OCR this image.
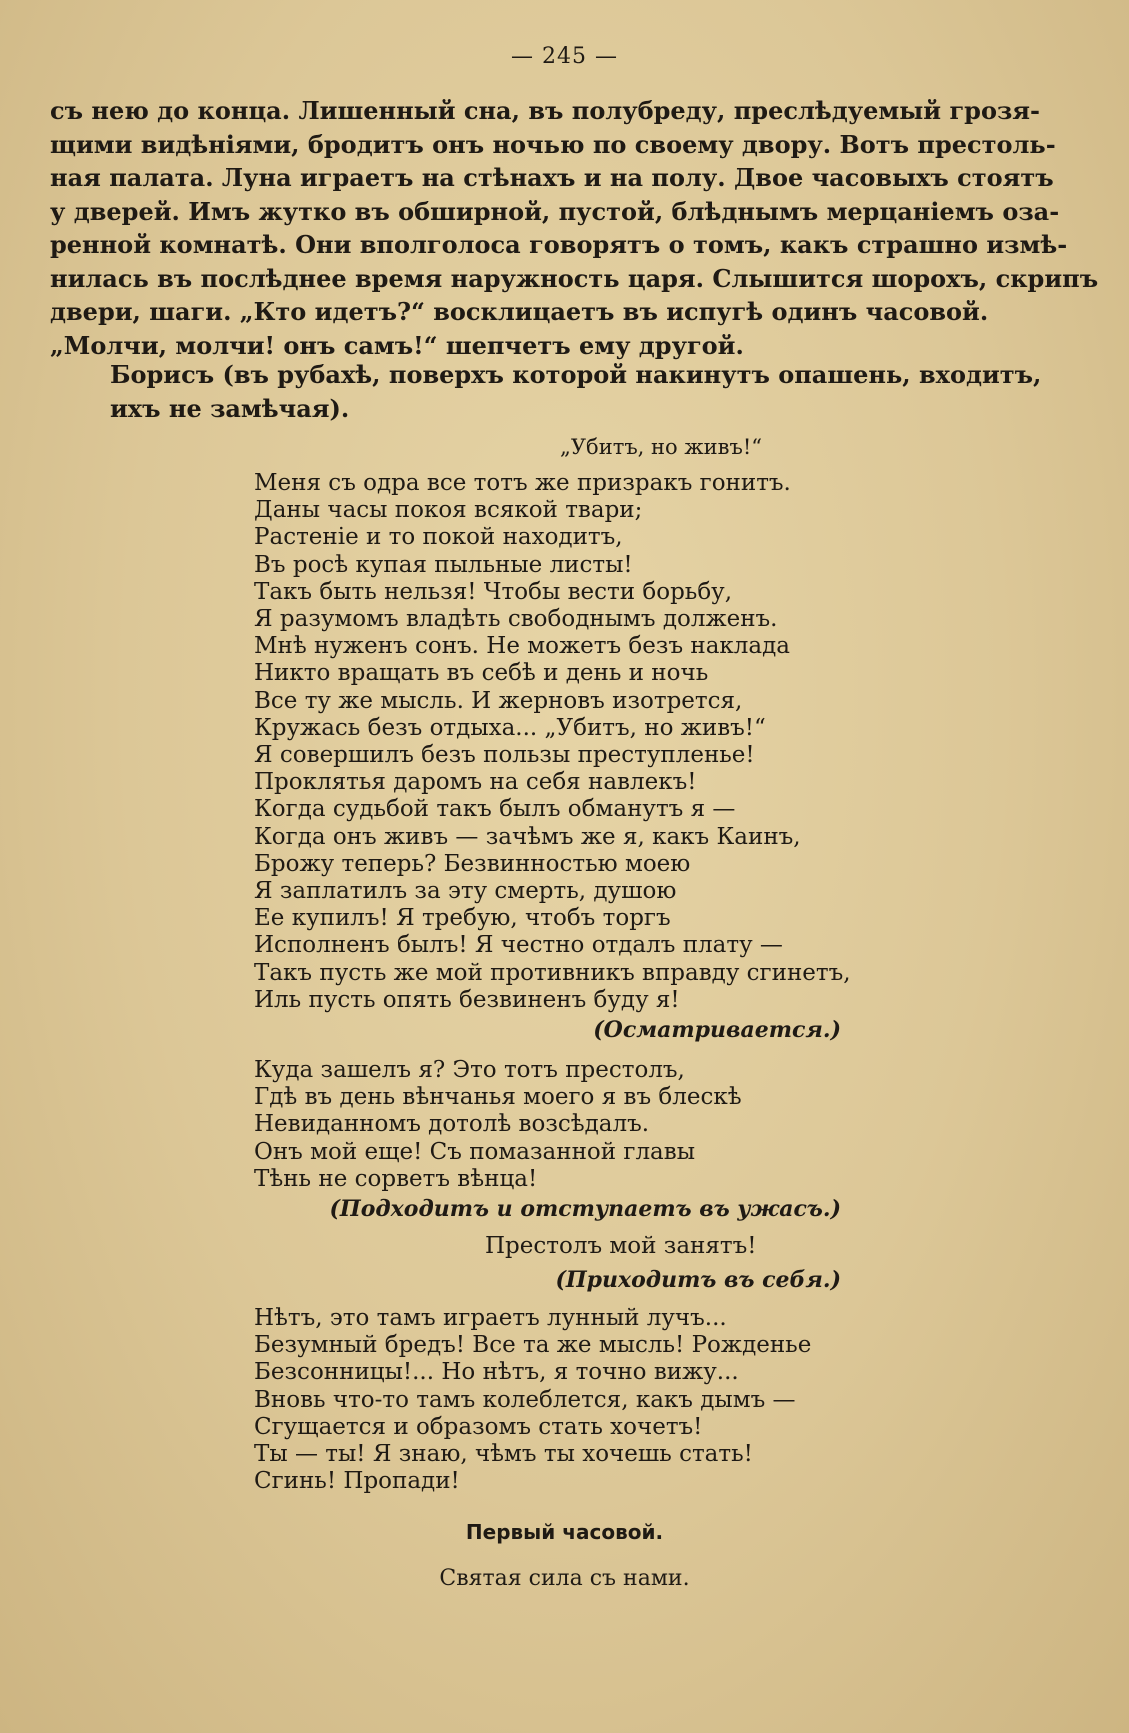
— 245 —
съ нею до конца. Лишенный сна, въ полубреду, преслѣдуемый грозя-
щими видѣніями, бродитъ онъ ночью по своему двору. Вотъ престоль-
ная палата. Луна играетъ на стѣнахъ и на полу. Двое часовыхъ стоятъ
у дверей. Имъ жутко въ обширной, пустой, блѣднымъ мерцаніемъ оза-
ренной комнатѣ. Они вполголоса говорятъ о томъ, какъ страшно измѣ-
нилась въ послѣднее время наружность царя. Слышится шорохъ, скрипъ
двери, шаги. „Кто идетъ?“ восклицаетъ въ испугѣ одинъ часовой.
„Молчи, молчи! онъ самъ!“ шепчетъ ему другой.
Борисъ (въ рубахѣ, поверхъ которой накинутъ опашень, входитъ,
ихъ не замѣчая).
„Убитъ, но живъ!“
Меня съ одра все тотъ же призракъ гонитъ.
Даны часы покоя всякой твари;
Растеніе и то покой находитъ,
Въ росѣ купая пыльные листы!
Такъ быть нельзя! Чтобы вести борьбу,
Я разумомъ владѣть свободнымъ долженъ.
Мнѣ нуженъ сонъ. Не можетъ безъ наклада
Никто вращать въ себѣ и день и ночь
Все ту же мысль. И жерновъ изотрется,
Кружась безъ отдыха... „Убитъ, но живъ!“
Я совершилъ безъ пользы преступленье!
Проклятья даромъ на себя навлекъ!
Когда судьбой такъ былъ обманутъ я —
Когда онъ живъ — зачѣмъ же я, какъ Каинъ,
Брожу теперь? Безвинностью моею
Я заплатилъ за эту смерть, душою
Ее купилъ! Я требую, чтобъ торгъ
Исполненъ былъ! Я честно отдалъ плату —
Такъ пусть же мой противникъ вправду сгинетъ,
Иль пусть опять безвиненъ буду я!
(Осматривается.)
Куда зашелъ я? Это тотъ престолъ,
Гдѣ въ день вѣнчанья моего я въ блескѣ
Невиданномъ дотолѣ возсѣдалъ.
Онъ мой еще! Съ помазанной главы
Тѣнь не сорветъ вѣнца!
(Подходитъ и отступаетъ въ ужасъ.)
Престолъ мой занятъ!
(Приходитъ въ себя.)
Нѣтъ, это тамъ играетъ лунный лучъ...
Безумный бредъ! Все та же мысль! Рожденье
Безсонницы!... Но нѣтъ, я точно вижу...
Вновь что-то тамъ колеблется, какъ дымъ —
Сгущается и образомъ стать хочетъ!
Ты — ты! Я знаю, чѣмъ ты хочешь стать!
Сгинь! Пропади!
Первый часовой.
Святая сила съ нами.
